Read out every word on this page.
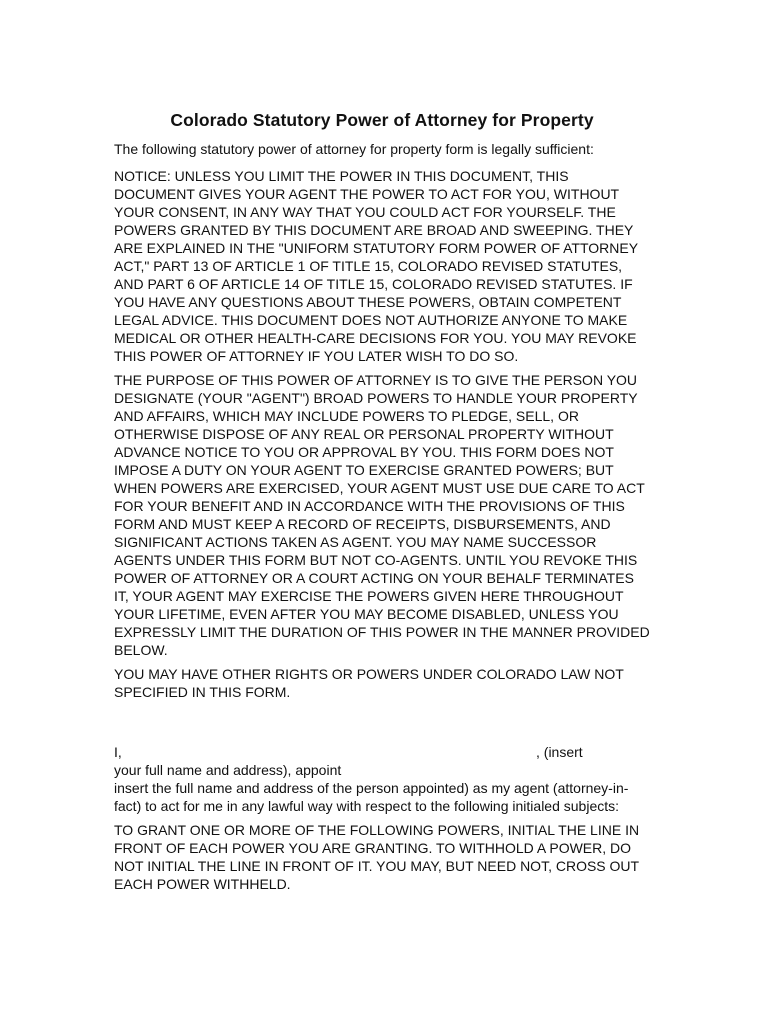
Colorado Statutory Power of Attorney for Property
The following statutory power of attorney for property form is legally sufficient:
NOTICE: UNLESS YOU LIMIT THE POWER IN THIS DOCUMENT, THIS DOCUMENT GIVES YOUR AGENT THE POWER TO ACT FOR YOU, WITHOUT YOUR CONSENT, IN ANY WAY THAT YOU COULD ACT FOR YOURSELF. THE POWERS GRANTED BY THIS DOCUMENT ARE BROAD AND SWEEPING. THEY ARE EXPLAINED IN THE "UNIFORM STATUTORY FORM POWER OF ATTORNEY ACT," PART 13 OF ARTICLE 1 OF TITLE 15, COLORADO REVISED STATUTES, AND PART 6 OF ARTICLE 14 OF TITLE 15, COLORADO REVISED STATUTES. IF YOU HAVE ANY QUESTIONS ABOUT THESE POWERS, OBTAIN COMPETENT LEGAL ADVICE. THIS DOCUMENT DOES NOT AUTHORIZE ANYONE TO MAKE MEDICAL OR OTHER HEALTH-CARE DECISIONS FOR YOU. YOU MAY REVOKE THIS POWER OF ATTORNEY IF YOU LATER WISH TO DO SO.
THE PURPOSE OF THIS POWER OF ATTORNEY IS TO GIVE THE PERSON YOU DESIGNATE (YOUR "AGENT") BROAD POWERS TO HANDLE YOUR PROPERTY AND AFFAIRS, WHICH MAY INCLUDE POWERS TO PLEDGE, SELL, OR OTHERWISE DISPOSE OF ANY REAL OR PERSONAL PROPERTY WITHOUT ADVANCE NOTICE TO YOU OR APPROVAL BY YOU. THIS FORM DOES NOT IMPOSE A DUTY ON YOUR AGENT TO EXERCISE GRANTED POWERS; BUT WHEN POWERS ARE EXERCISED, YOUR AGENT MUST USE DUE CARE TO ACT FOR YOUR BENEFIT AND IN ACCORDANCE WITH THE PROVISIONS OF THIS FORM AND MUST KEEP A RECORD OF RECEIPTS, DISBURSEMENTS, AND SIGNIFICANT ACTIONS TAKEN AS AGENT. YOU MAY NAME SUCCESSOR AGENTS UNDER THIS FORM BUT NOT CO-AGENTS. UNTIL YOU REVOKE THIS POWER OF ATTORNEY OR A COURT ACTING ON YOUR BEHALF TERMINATES IT, YOUR AGENT MAY EXERCISE THE POWERS GIVEN HERE THROUGHOUT YOUR LIFETIME, EVEN AFTER YOU MAY BECOME DISABLED, UNLESS YOU EXPRESSLY LIMIT THE DURATION OF THIS POWER IN THE MANNER PROVIDED BELOW.
YOU MAY HAVE OTHER RIGHTS OR POWERS UNDER COLORADO LAW NOT SPECIFIED IN THIS FORM.
I,	, (insert
your full name and address), appoint
insert the full name and address of the person appointed) as my agent (attorney-in-fact) to act for me in any lawful way with respect to the following initialed subjects:
TO GRANT ONE OR MORE OF THE FOLLOWING POWERS, INITIAL THE LINE IN FRONT OF EACH POWER YOU ARE GRANTING. TO WITHHOLD A POWER, DO NOT INITIAL THE LINE IN FRONT OF IT. YOU MAY, BUT NEED NOT, CROSS OUT EACH POWER WITHHELD.
